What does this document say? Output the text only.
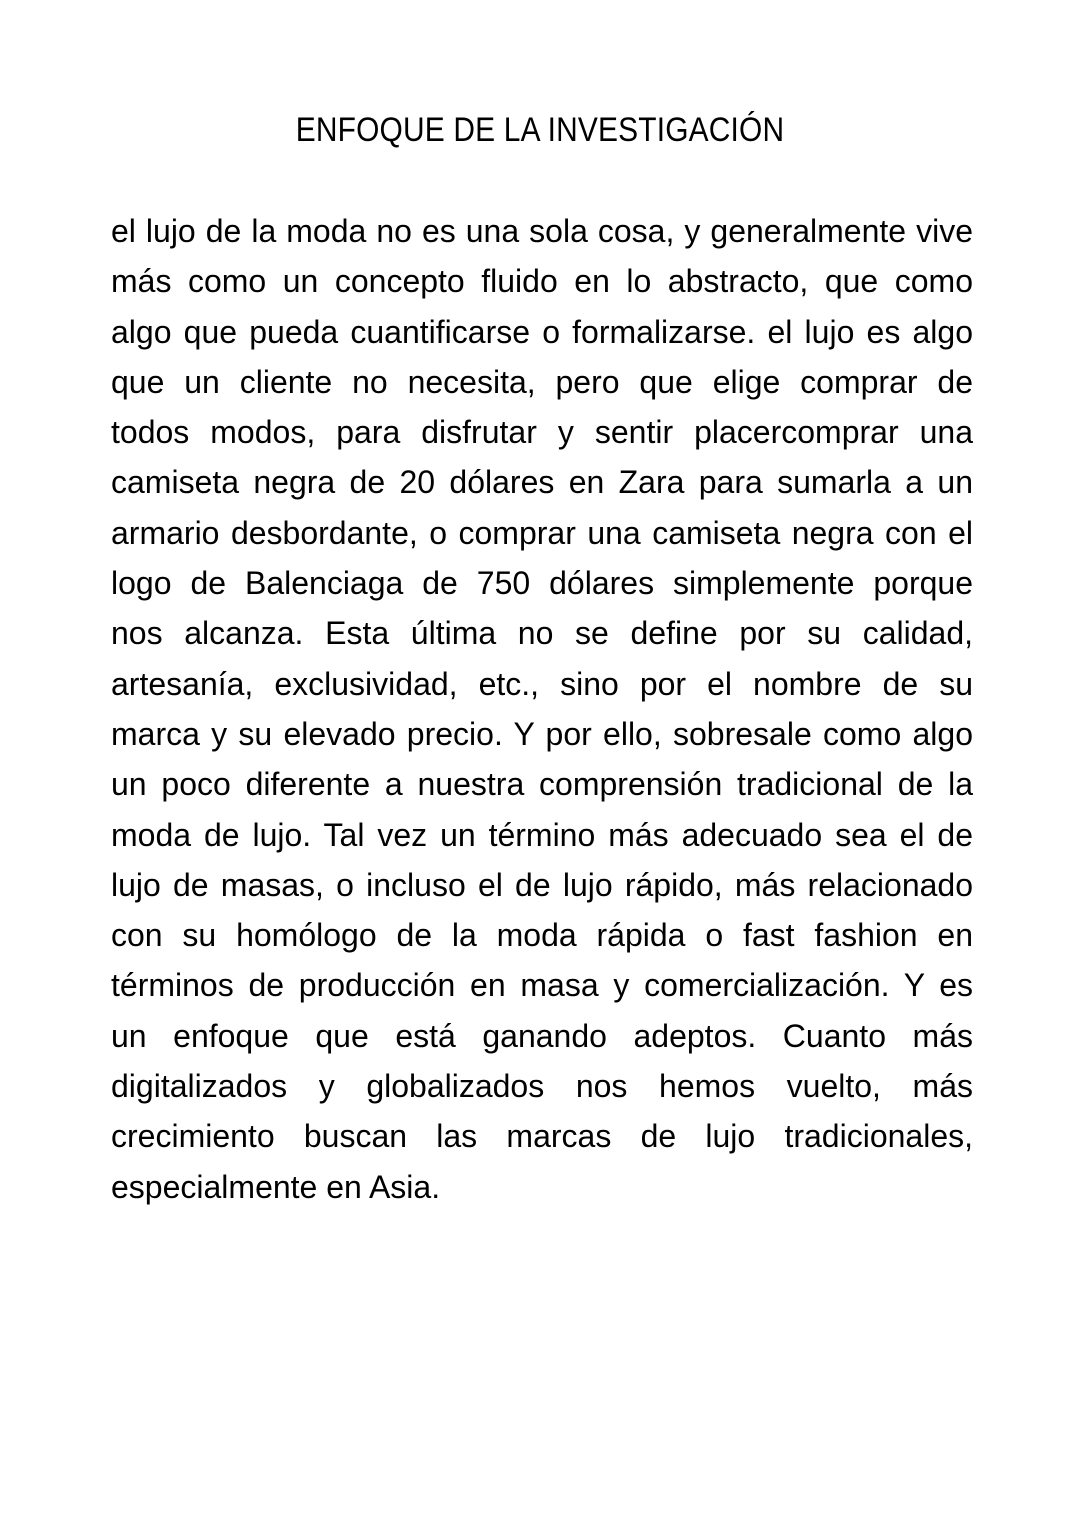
ENFOQUE DE LA INVESTIGACIÓN
el lujo de la moda no es una sola cosa, y generalmente vive
más como un concepto fluido en lo abstracto, que como
algo que pueda cuantificarse o formalizarse. el lujo es algo
que un cliente no necesita, pero que elige comprar de
todos modos, para disfrutar y sentir placercomprar una
camiseta negra de 20 dólares en Zara para sumarla a un
armario desbordante, o comprar una camiseta negra con el
logo de Balenciaga de 750 dólares simplemente porque
nos alcanza. Esta última no se define por su calidad,
artesanía, exclusividad, etc., sino por el nombre de su
marca y su elevado precio. Y por ello, sobresale como algo
un poco diferente a nuestra comprensión tradicional de la
moda de lujo. Tal vez un término más adecuado sea el de
lujo de masas, o incluso el de lujo rápido, más relacionado
con su homólogo de la moda rápida o fast fashion en
términos de producción en masa y comercialización. Y es
un enfoque que está ganando adeptos. Cuanto más
digitalizados y globalizados nos hemos vuelto, más
crecimiento buscan las marcas de lujo tradicionales,
especialmente en Asia.
